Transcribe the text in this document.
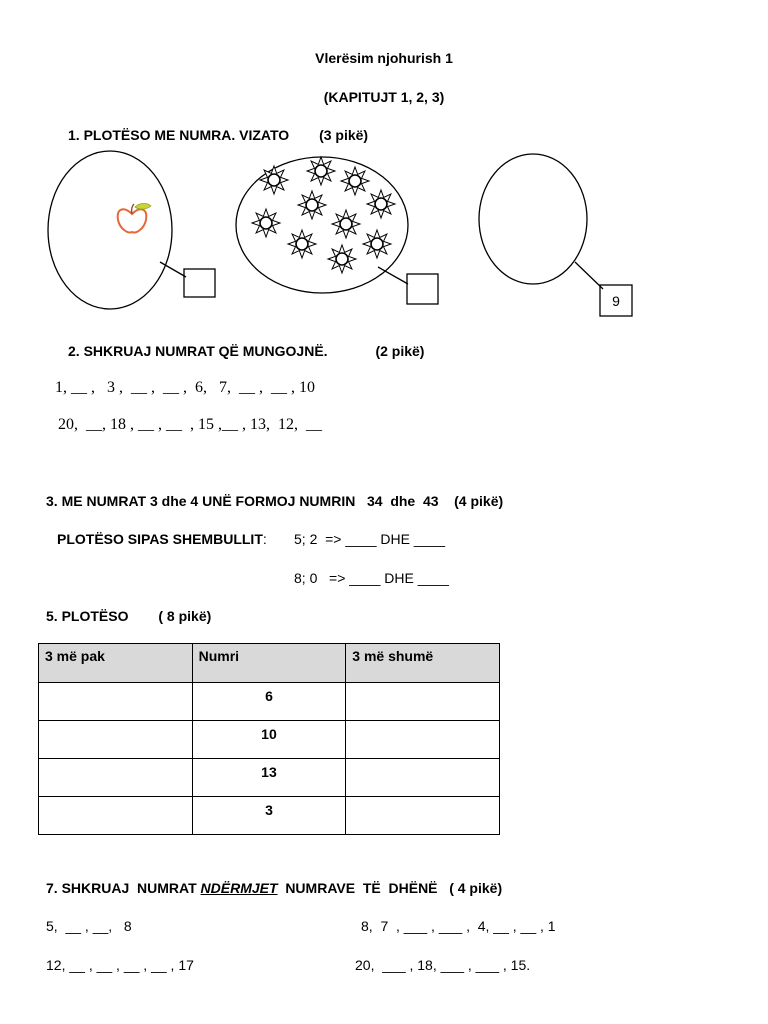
Vlerësim njohurish 1
(KAPITUJT 1, 2, 3)
1. PLOTËSO ME NUMRA. VIZATO (3 pikë)
9
2. SHKRUAJ NUMRAT QË MUNGOJNË.	(2 pikë)
1, __ ,   3 ,  __ ,  __ ,  6,   7,  __ ,  __ , 10
20,  __, 18 , __ , __  , 15 ,__ , 13,  12,  __
3. ME NUMRAT 3 dhe 4 UNË FORMOJ NUMRIN   34  dhe  43 (4 pikë)
PLOTËSO SIPAS SHEMBULLIT: 5; 2  => ____ DHE ____
8; 0   => ____ DHE ____
5. PLOTËSO ( 8 pikë)
3 më pak	Numri	3 më shumë
	6	
	10	
	13	
	3	
7. SHKRUAJ  NUMRAT NDËRMJET  NUMRAVE  TË  DHËNË ( 4 pikë)
5,  __ , __,   8	8,  7  , ___ , ___ ,  4, __ , __ , 1
12, __ , __ , __ , __ , 17	20,  ___ , 18, ___ , ___ , 15.
